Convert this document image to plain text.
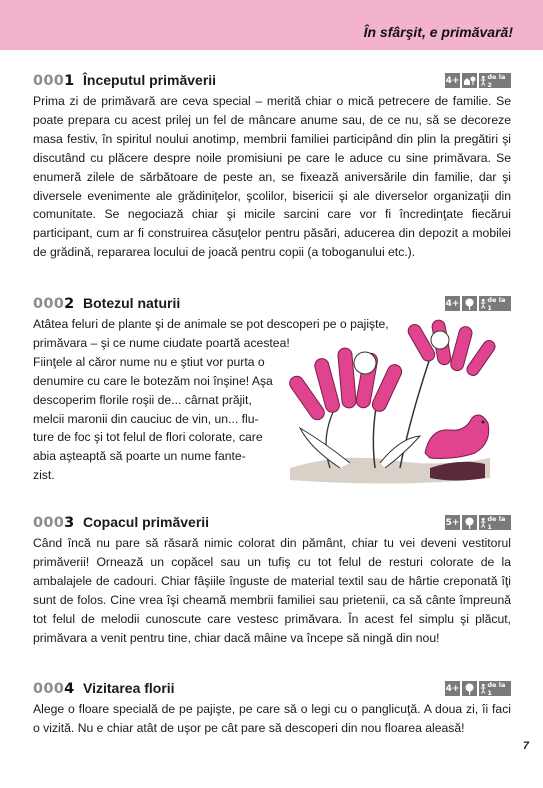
În sfârşit, e primăvară!
0001 Începutul primăverii	4+	de la 2
Prima zi de primăvară are ceva special – merită chiar o mică petrecere de familie. Se poate prepara cu acest prilej un fel de mâncare anume sau, de ce nu, să se decoreze masa festiv, în spiritul noului anotimp, membrii familiei participând din plin la pregătiri şi discutând cu plăcere despre noile promisiuni pe care le aduce cu sine primăvara. Se enumeră zilele de sărbătoare de peste an, se fixează aniversările din familie, dar şi diversele evenimente ale grădiniţelor, şcolilor, bisericii şi ale diverselor organizaţii din comunitate. Se negociază chiar şi micile sarcini care vor fi încredinţate fiecărui participant, cum ar fi construirea căsuţelor pentru păsări, aducerea din depozit a mobilei de grădină, repararea locului de joacă pentru copii (a toboganului etc.).
0002 Botezul naturii	4+	de la 1
Atâtea feluri de plante şi de animale se pot descoperi pe o pajişte,
primăvara – şi ce nume ciudate poartă acestea!
Fiinţele al căror nume nu e ştiut vor purta o
denumire cu care le botezăm noi înşine! Aşa
descoperim florile roşii de... cârnat prăjit,
melcii maronii din cauciuc de vin, un... flu-
ture de foc şi tot felul de flori colorate, care
abia aşteaptă să poarte un nume fante-
zist.
0003 Copacul primăverii	5+	de la 1
Când încă nu pare să răsară nimic colorat din pământ, chiar tu vei deveni vestitorul primăverii! Ornează un copăcel sau un tufiş cu tot felul de resturi colorate de la ambalajele de cadouri. Chiar fâşiile înguste de material textil sau de hârtie creponată îţi sunt de folos. Cine vrea îşi cheamă membrii familiei sau prietenii, ca să cânte împreună tot felul de melodii cunoscute care vestesc primăvara. În acest fel simplu şi plăcut, primăvara a venit pentru tine, chiar dacă mâine va începe să ningă din nou!
0004 Vizitarea florii	4+	de la 1
Alege o floare specială de pe pajişte, pe care să o legi cu o panglicuţă. A doua zi, îi faci o vizită. Nu e chiar atât de uşor pe cât pare să descoperi din nou floarea aleasă!
7
